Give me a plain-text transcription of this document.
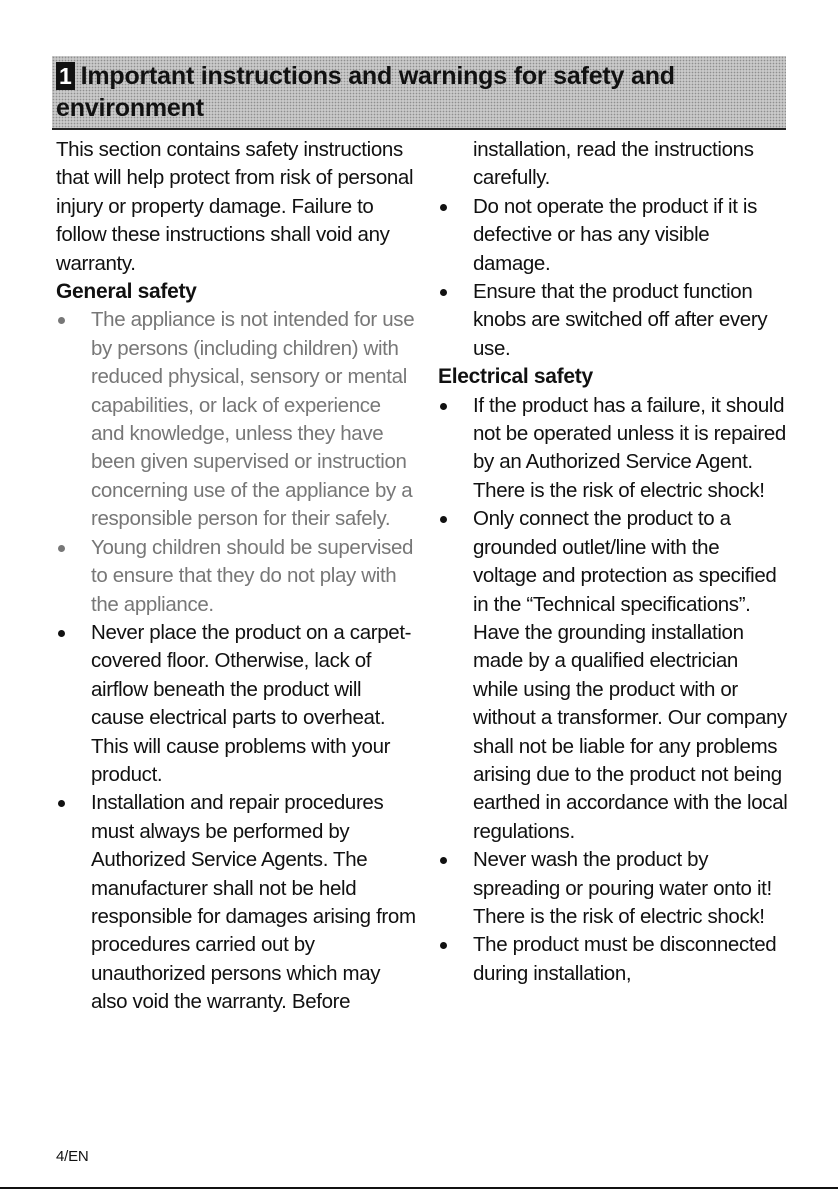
1 Important instructions and warnings for safety and environment

This section contains safety instructions that will help protect from risk of personal injury or property damage. Failure to follow these instructions shall void any warranty.

General safety
The appliance is not intended for use by persons (including children) with reduced physical, sensory or mental capabilities, or lack of experience and knowledge, unless they have been given supervised or instruction concerning use of the appliance by a responsible person for their safely.
Young children should be supervised to ensure that they do not play with the appliance.
Never place the product on a carpet-covered floor. Otherwise, lack of airflow beneath the product will cause electrical parts to overheat. This will cause problems with your product.
Installation and repair procedures must always be performed by Authorized Service Agents. The manufacturer shall not be held responsible for damages arising from procedures carried out by unauthorized persons which may also void the warranty. Before

installation, read the instructions carefully.

Do not operate the product if it is defective or has any visible damage.
Ensure that the product function knobs are switched off after every use.
Electrical safety
If the product has a failure, it should not be operated unless it is repaired by an Authorized Service Agent. There is the risk of electric shock!
Only connect the product to a grounded outlet/line with the voltage and protection as specified in the “Technical specifications”. Have the grounding installation made by a qualified electrician while using the product with or without a transformer. Our company shall not be liable for any problems arising due to the product not being earthed in accordance with the local regulations.
Never wash the product by spreading or pouring water onto it! There is the risk of electric shock!
The product must be disconnected during installation,
4/EN
